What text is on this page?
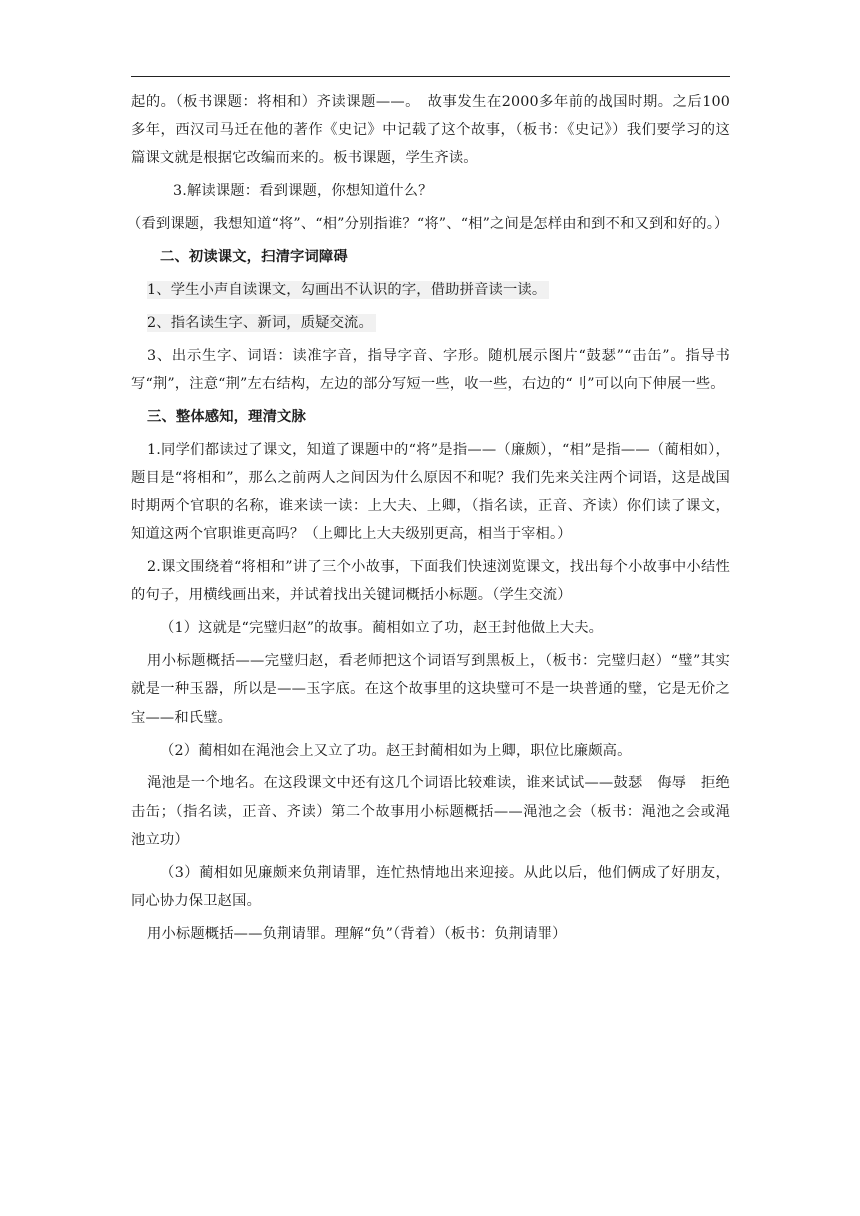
起的。（板书课题：将相和）齐读课题——。　故事发生在2000多年前的战国时期。之后100多年，西汉司马迁在他的著作《史记》中记载了这个故事，（板书：《史记》）我们要学习的这篇课文就是根据它改编而来的。板书课题，学生齐读。

3.解读课题：看到课题，你想知道什么？

（看到课题，我想知道“将”、“相”分别指谁？“将”、“相”之间是怎样由和到不和又到和好的。）

二、初读课文，扫清字词障碍

1、学生小声自读课文，勾画出不认识的字，借助拼音读一读。

2、指名读生字、新词，质疑交流。

3、出示生字、词语：读准字音，指导字音、字形。随机展示图片“鼓瑟”“击缶”。指导书写“荆”，注意“荆”左右结构，左边的部分写短一些，收一些，右边的“刂”可以向下伸展一些。

三、整体感知，理清文脉

1.同学们都读过了课文，知道了课题中的“将”是指——（廉颇），“相”是指——（蔺相如），题目是“将相和”，那么之前两人之间因为什么原因不和呢？我们先来关注两个词语，这是战国时期两个官职的名称，谁来读一读：上大夫、上卿，（指名读，正音、齐读）你们读了课文，知道这两个官职谁更高吗？（上卿比上大夫级别更高，相当于宰相。）

2.课文围绕着“将相和”讲了三个小故事，下面我们快速浏览课文，找出每个小故事中小结性的句子，用横线画出来，并试着找出关键词概括小标题。（学生交流）

（1）这就是“完璧归赵”的故事。蔺相如立了功，赵王封他做上大夫。

用小标题概括——完璧归赵，看老师把这个词语写到黑板上，（板书：完璧归赵）“璧”其实就是一种玉器，所以是——玉字底。在这个故事里的这块璧可不是一块普通的璧，它是无价之宝——和氏璧。

（2）蔺相如在渑池会上又立了功。赵王封蔺相如为上卿，职位比廉颇高。

渑池是一个地名。在这段课文中还有这几个词语比较难读，谁来试试——鼓瑟　侮辱　拒绝　击缶；（指名读，正音、齐读）第二个故事用小标题概括——渑池之会（板书：渑池之会或渑池立功）

（3）蔺相如见廉颇来负荆请罪，连忙热情地出来迎接。从此以后，他们俩成了好朋友，同心协力保卫赵国。

用小标题概括——负荆请罪。理解“负”（背着）（板书：负荆请罪）
